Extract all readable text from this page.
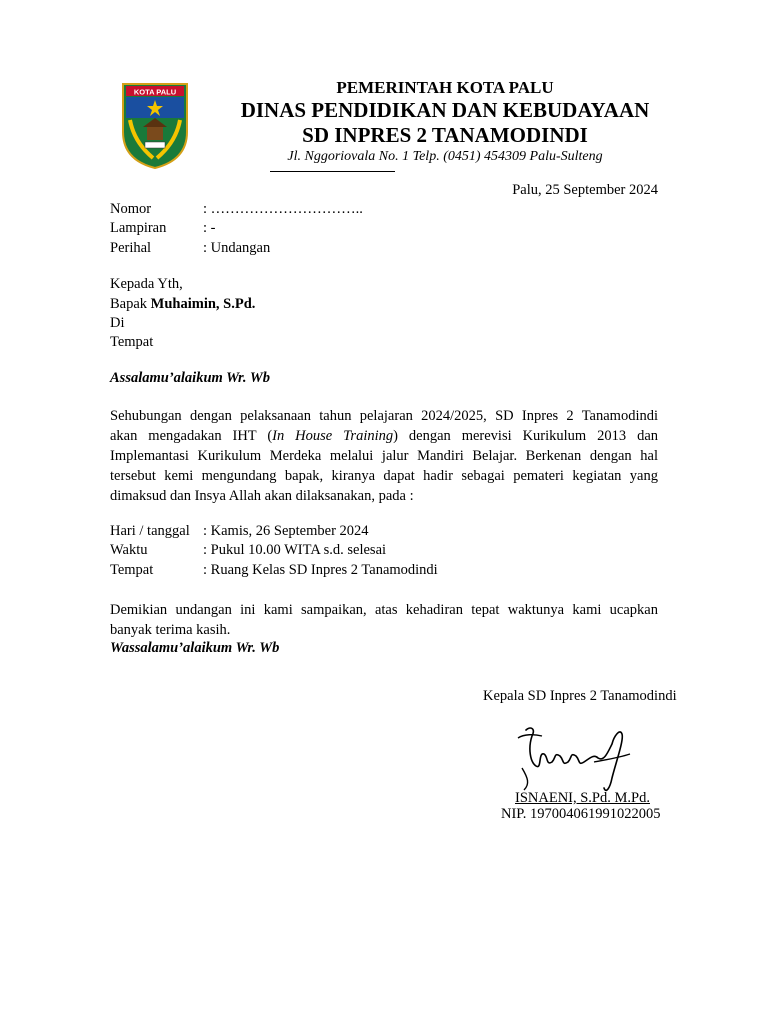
KOTA PALU	PEMERINTAH KOTA PALU
DINAS PENDIDIKAN DAN KEBUDAYAAN
SD INPRES 2 TANAMODINDI
Jl. Nggoriovala No. 1 Telp. (0451) 454309 Palu-Sulteng
Palu, 25 September 2024
Nomor	: …………………………..
Lampiran	: -
Perihal	: Undangan
Kepada Yth,
Bapak Muhaimin, S.Pd.
Di
Tempat
Assalamu’alaikum Wr. Wb
Sehubungan dengan pelaksanaan tahun pelajaran 2024/2025, SD Inpres 2 Tanamodindi
akan mengadakan IHT (In House Training) dengan merevisi Kurikulum 2013 dan
Implemantasi Kurikulum Merdeka melalui jalur Mandiri Belajar. Berkenan dengan hal
tersebut kemi mengundang bapak, kiranya dapat hadir sebagai pemateri kegiatan yang
dimaksud dan Insya Allah akan dilaksanakan, pada :
Hari / tanggal : Kamis, 26 September 2024
Waktu	: Pukul 10.00 WITA s.d. selesai
Tempat	: Ruang Kelas SD Inpres 2 Tanamodindi
Demikian undangan ini kami sampaikan, atas kehadiran tepat waktunya kami ucapkan
banyak terima kasih.
Wassalamu’alaikum Wr. Wb
Kepala SD Inpres 2 Tanamodindi
ISNAENI, S.Pd. M.Pd.
NIP. 197004061991022005
